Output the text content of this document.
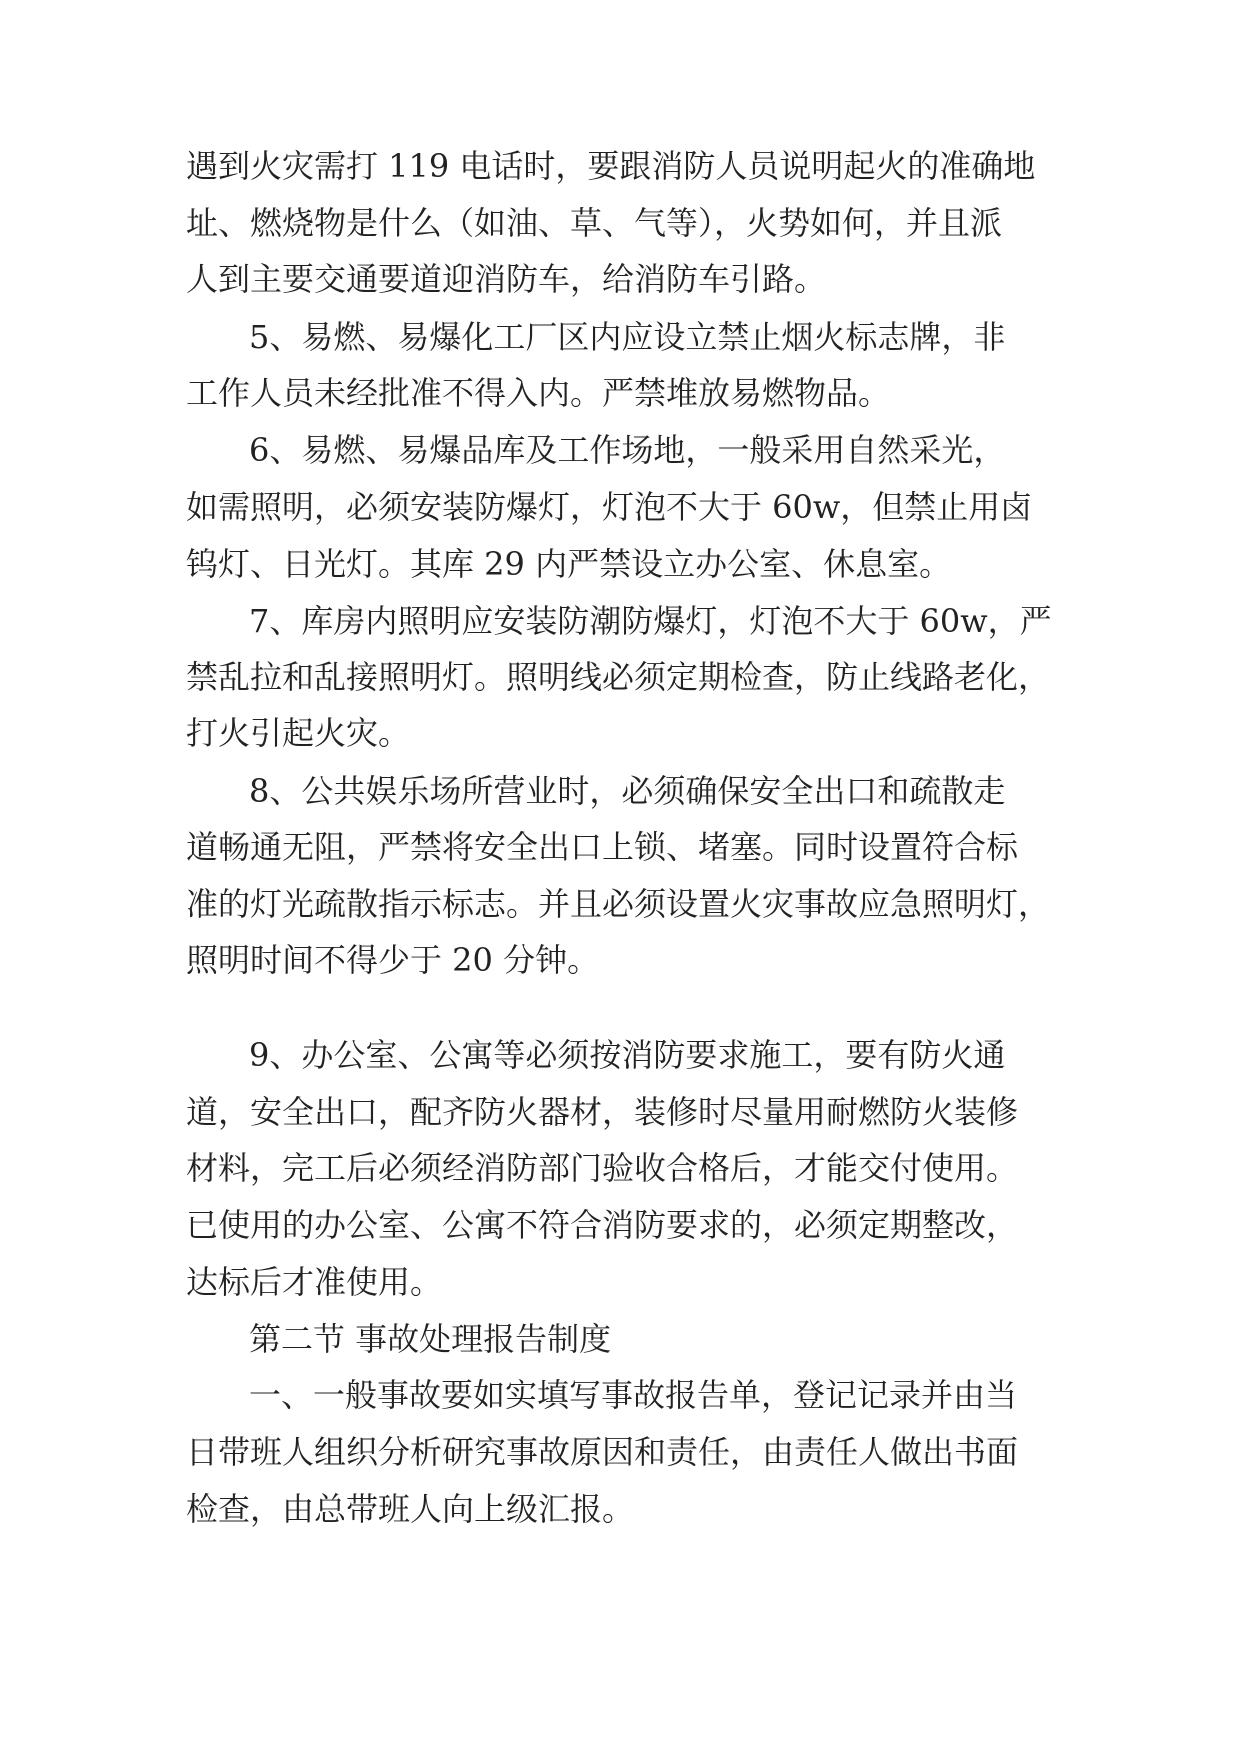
遇到火灾需打 119 电话时，要跟消防人员说明起火的准确地
址、燃烧物是什么（如油、草、气等），火势如何，并且派
人到主要交通要道迎消防车，给消防车引路。
5、易燃、易爆化工厂区内应设立禁止烟火标志牌，非
工作人员未经批准不得入内。严禁堆放易燃物品。
6、易燃、易爆品库及工作场地，一般采用自然采光，
如需照明，必须安装防爆灯，灯泡不大于 60w，但禁止用卤
钨灯、日光灯。其库 29 内严禁设立办公室、休息室。
7、库房内照明应安装防潮防爆灯，灯泡不大于 60w，严
禁乱拉和乱接照明灯。照明线必须定期检查，防止线路老化，
打火引起火灾。
8、公共娱乐场所营业时，必须确保安全出口和疏散走
道畅通无阻，严禁将安全出口上锁、堵塞。同时设置符合标
准的灯光疏散指示标志。并且必须设置火灾事故应急照明灯，
照明时间不得少于 20 分钟。
9、办公室、公寓等必须按消防要求施工，要有防火通
道，安全出口，配齐防火器材，装修时尽量用耐燃防火装修
材料，完工后必须经消防部门验收合格后，才能交付使用。
已使用的办公室、公寓不符合消防要求的，必须定期整改，
达标后才准使用。
第二节 事故处理报告制度
一、一般事故要如实填写事故报告单，登记记录并由当
日带班人组织分析研究事故原因和责任，由责任人做出书面
检查，由总带班人向上级汇报。
